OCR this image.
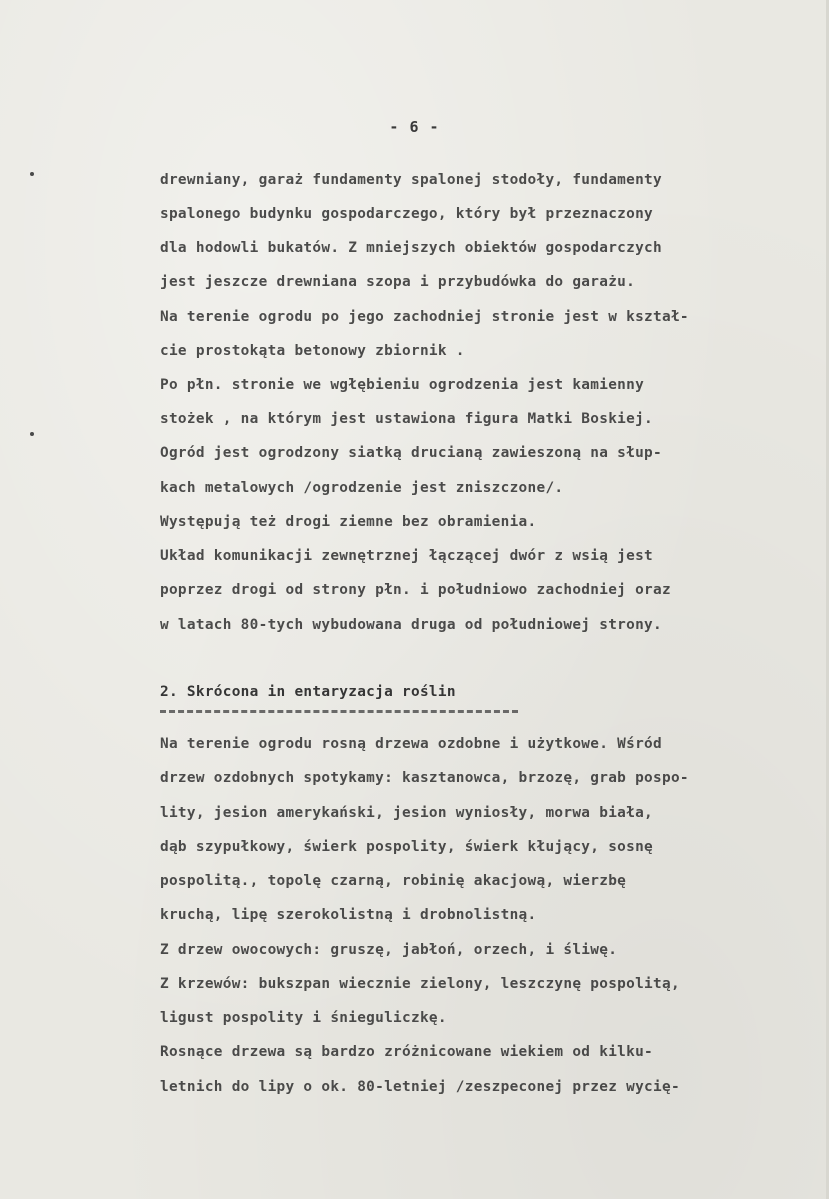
- 6 -
drewniany, garaż fundamenty spalonej stodoły, fundamenty
spalonego budynku gospodarczego, który był przeznaczony
dla hodowli bukatów. Z mniejszych obiektów gospodarczych
jest jeszcze drewniana szopa i przybudówka do garażu.
Na terenie ogrodu po jego zachodniej stronie jest w kształ-
cie prostokąta betonowy zbiornik .
Po płn. stronie we wgłębieniu ogrodzenia jest kamienny
stożek , na którym jest ustawiona figura Matki Boskiej.
Ogród jest ogrodzony siatką drucianą zawieszoną na słup-
kach metalowych /ogrodzenie jest zniszczone/.
Występują też drogi ziemne bez obramienia.
Układ komunikacji zewnętrznej łączącej dwór z wsią jest
poprzez drogi od strony płn. i południowo zachodniej oraz
w latach 80-tych wybudowana druga od południowej strony.
2. Skrócona in entaryzacja roślin
Na terenie ogrodu rosną drzewa ozdobne i użytkowe. Wśród
drzew ozdobnych spotykamy: kasztanowca, brzozę, grab pospo-
lity, jesion amerykański, jesion wyniosły, morwa biała,
dąb szypułkowy, świerk pospolity, świerk kłujący, sosnę
pospolitą., topolę czarną, robinię akacjową, wierzbę
kruchą, lipę szerokolistną i drobnolistną.
Z drzew owocowych: gruszę, jabłoń, orzech, i śliwę.
Z krzewów: bukszpan wiecznie zielony, leszczynę pospolitą,
ligust pospolity i śnieguliczkę.
Rosnące drzewa są bardzo zróżnicowane wiekiem od kilku-
letnich do lipy o ok. 80-letniej /zeszpeconej przez wycię-
